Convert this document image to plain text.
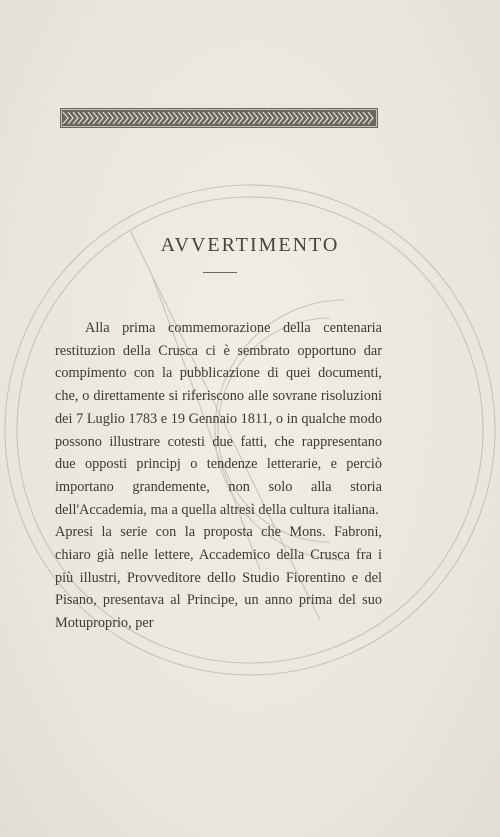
AVVERTIMENTO

Alla prima commemorazione della centenaria restituzion della Crusca ci è sembrato opportuno dar compimento con la pubblicazione di quei documenti, che, o direttamente si riferiscono alle sovrane risoluzioni dei 7 Luglio 1783 e 19 Gennaio 1811, o in qualche modo possono illustrare cotesti due fatti, che rappresentano due opposti principj o tendenze letterarie, e perciò importano grandemente, non solo alla storia dell'Accademia, ma a quella altresì della cultura italiana.

Apresi la serie con la proposta che Mons. Fabroni, chiaro già nelle lettere, Accademico della Crusca fra i più illustri, Provveditore dello Studio Fiorentino e del Pisano, presentava al Principe, un anno prima del suo Motuproprio, per
